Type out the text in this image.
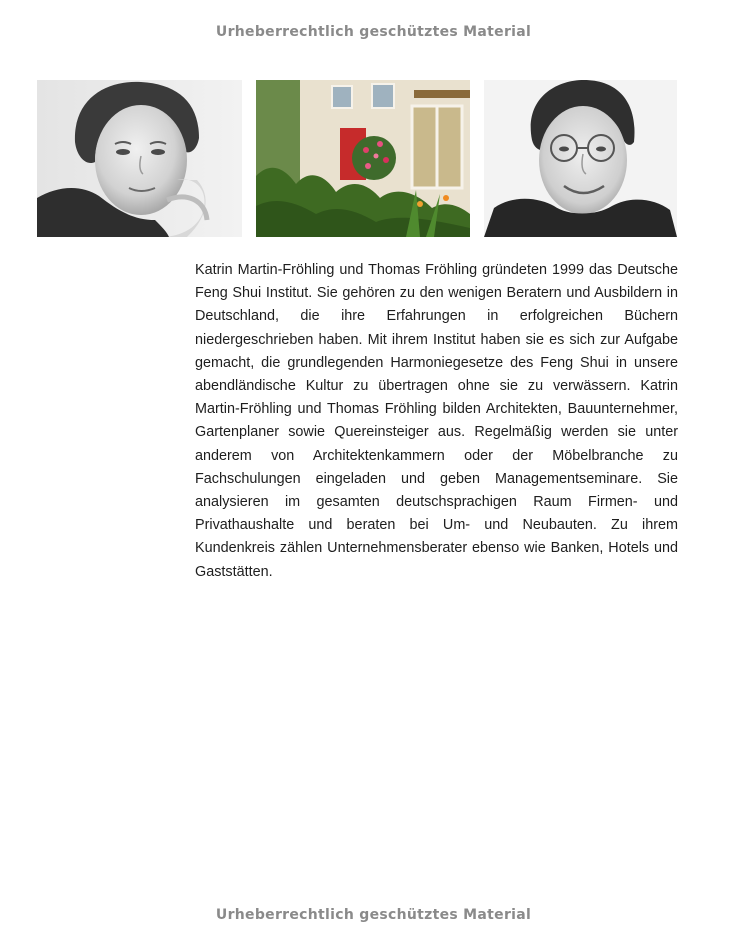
Urheberrechtlich geschütztes Material

Katrin Martin-Fröhling und Thomas Fröhling gründeten 1999 das Deutsche Feng Shui Institut. Sie gehören zu den wenigen Beratern und Ausbildern in Deutschland, die ihre Erfahrungen in erfolgreichen Büchern niedergeschrieben haben. Mit ihrem Institut haben sie es sich zur Aufgabe gemacht, die grundlegenden Harmoniegesetze des Feng Shui in unsere abendländische Kultur zu übertragen ohne sie zu verwässern. Katrin Martin-Fröhling und Thomas Fröhling bilden Architekten, Bauunternehmer, Gartenplaner sowie Quereinsteiger aus. Regelmäßig werden sie unter anderem von Architektenkammern oder der Möbelbranche zu Fachschulungen eingeladen und geben Managementseminare. Sie analysieren im gesamten deutschsprachigen Raum Firmen- und Privathaushalte und beraten bei Um- und Neubauten. Zu ihrem Kundenkreis zählen Unternehmensberater ebenso wie Banken, Hotels und Gaststätten.

Urheberrechtlich geschütztes Material
